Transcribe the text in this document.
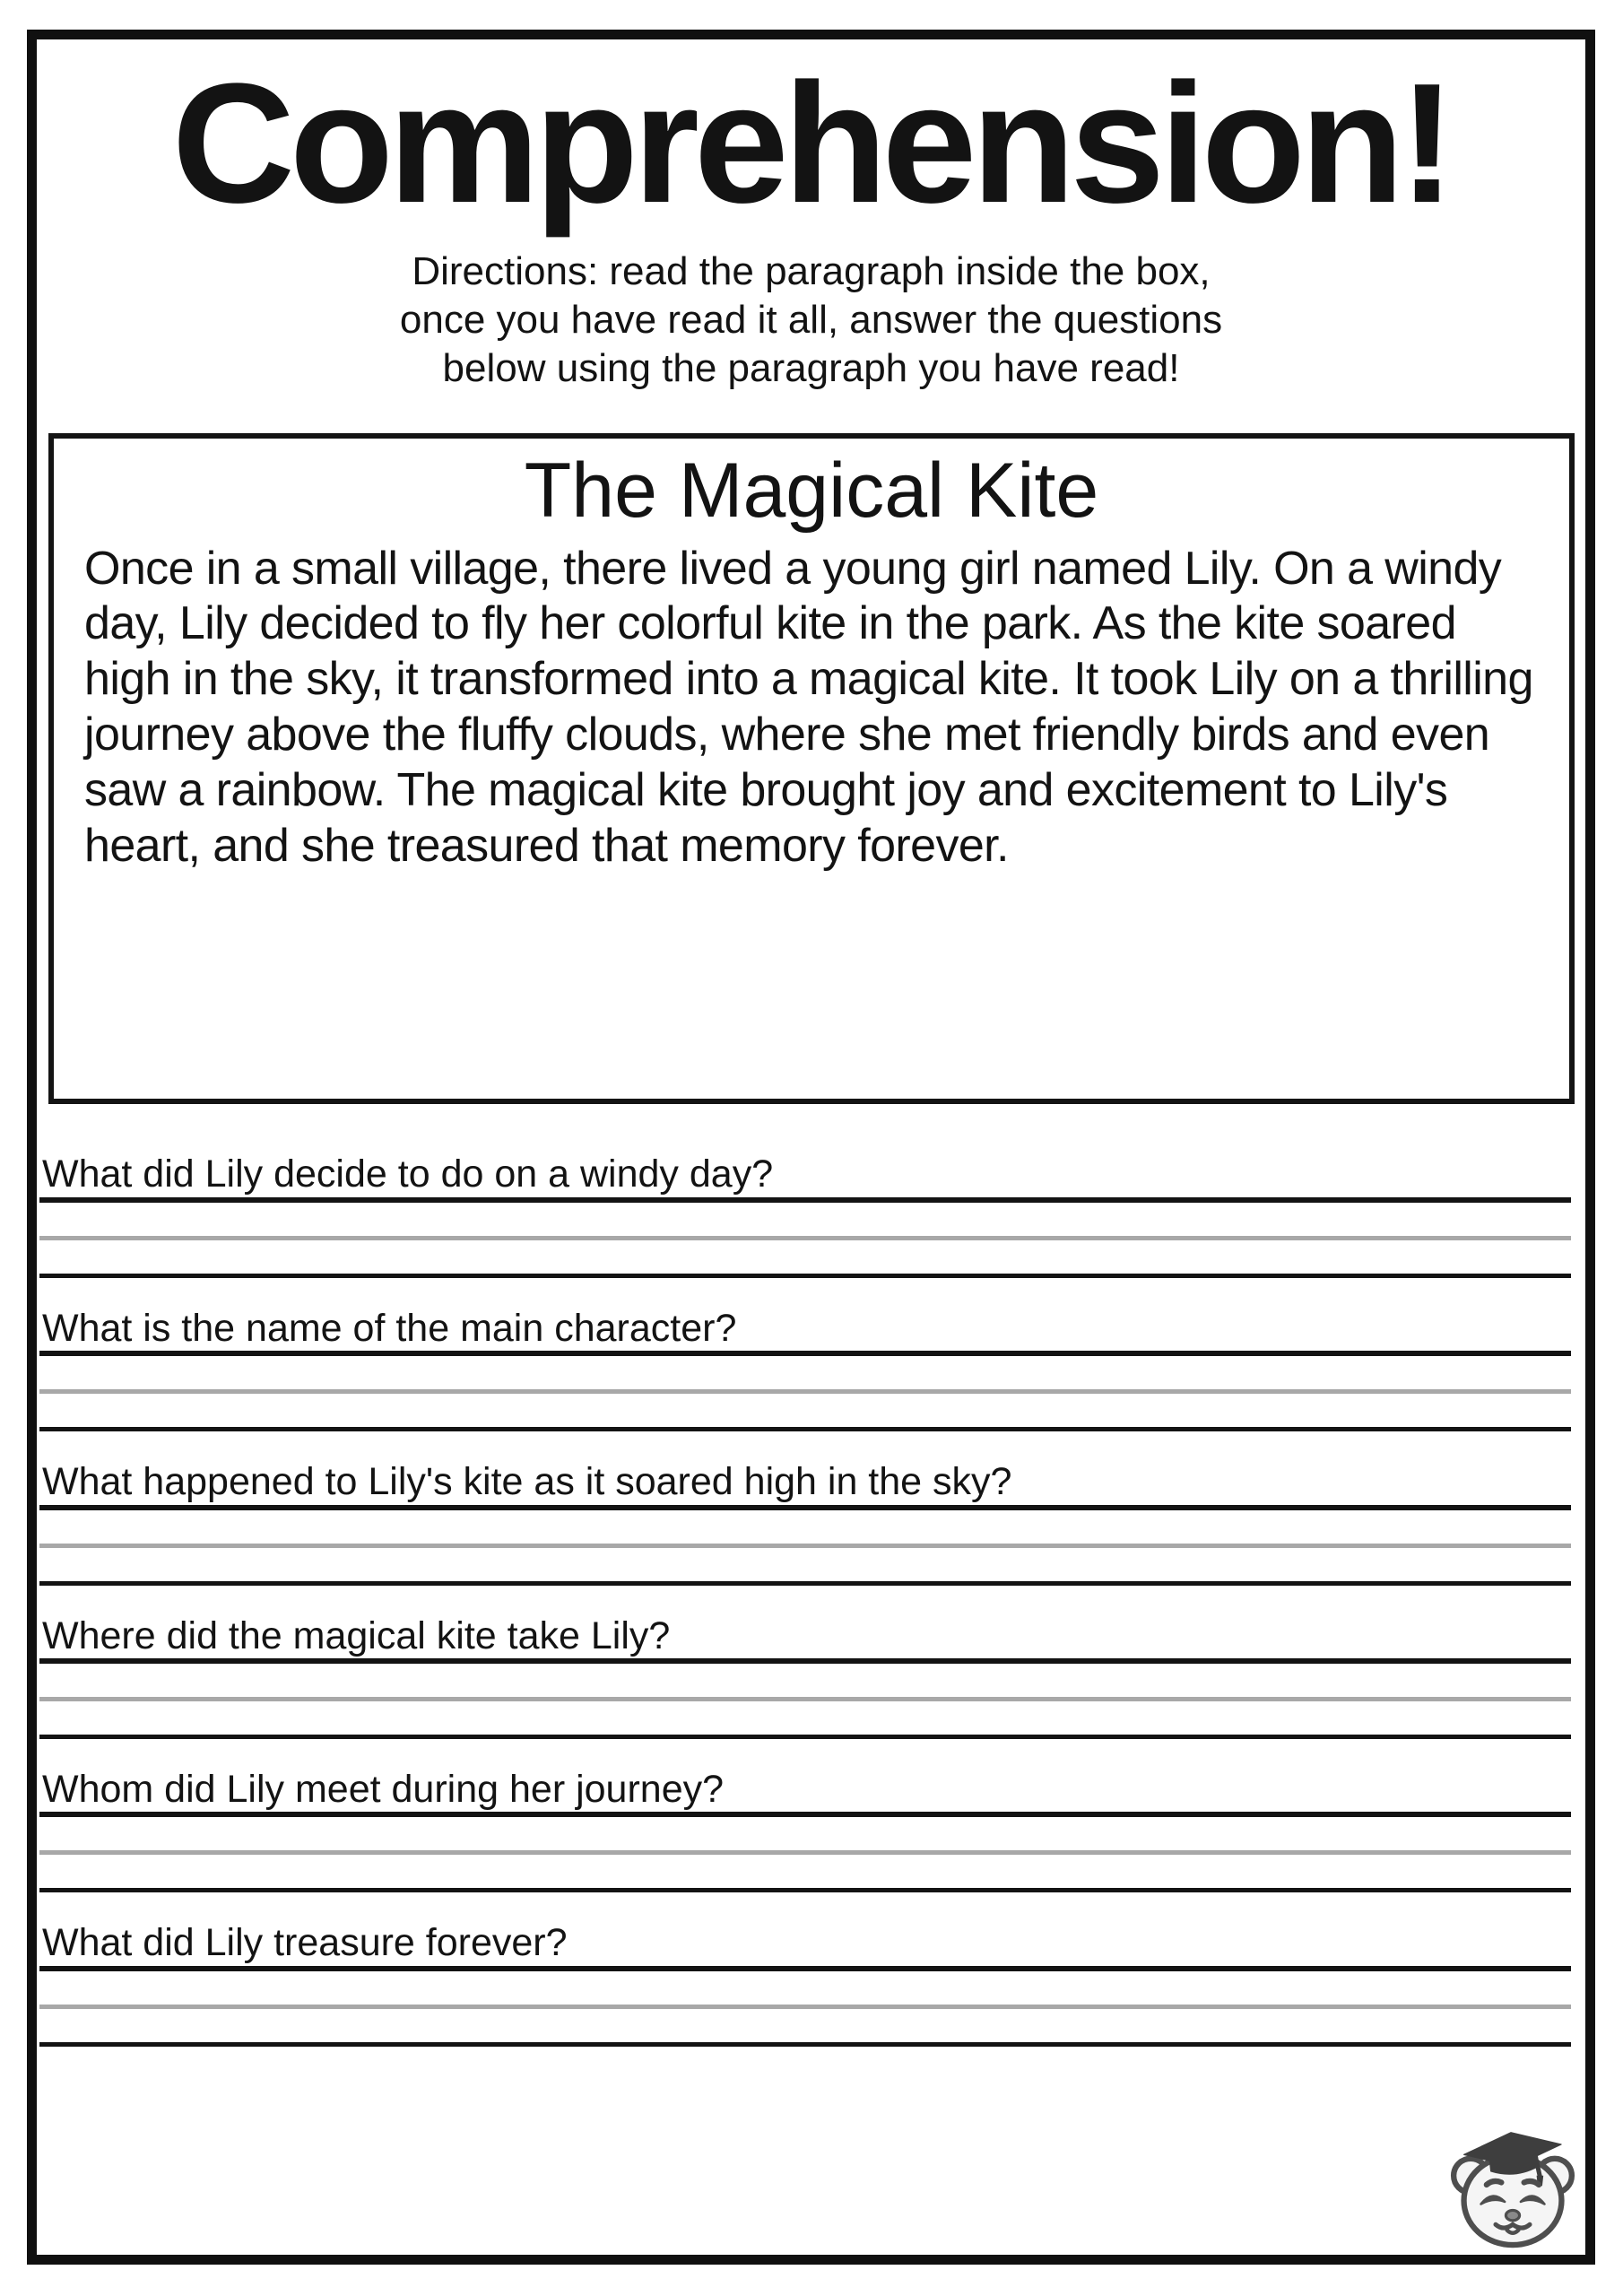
Comprehension!
Directions: read the paragraph inside the box,
once you have read it all, answer the questions
below using the paragraph you have read!
The Magical Kite
Once in a small village, there lived a young girl named Lily. On a windy day, Lily decided to fly her colorful kite in the park. As the kite soared high in the sky, it transformed into a magical kite. It took Lily on a thrilling journey above the fluffy clouds, where she met friendly birds and even saw a rainbow. The magical kite brought joy and excitement to Lily's heart, and she treasured that memory forever.
What did Lily decide to do on a windy day?
What is the name of the main character?
What happened to Lily's kite as it soared high in the sky?
Where did the magical kite take Lily?
Whom did Lily meet during her journey?
What did Lily treasure forever?
